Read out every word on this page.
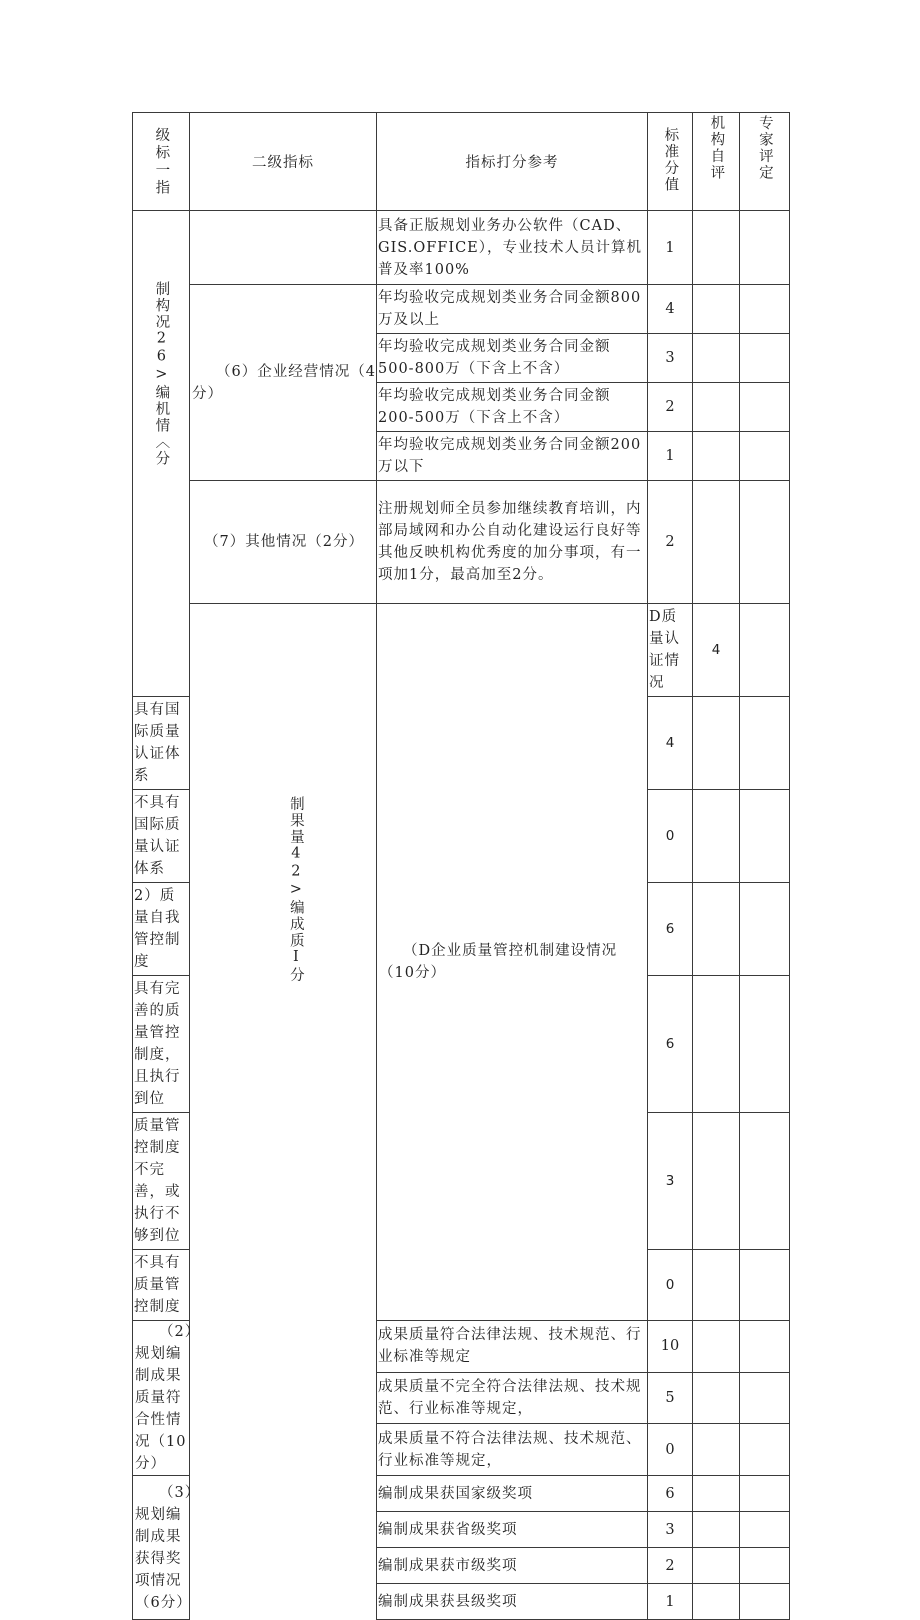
级标一指	二级指标	指标打分参考	标准分值	机构自评	专家评定	
制构况26>编机情〈分		具备正版规划业务办公软件（CAD、GIS.OFFICE），专业技术人员计算机普及率100%	1			
	（6）企业经营情况（4分）	年均验收完成规划类业务合同金额800万及以上	4			
		年均验收完成规划类业务合同金额500-800万（下含上不含）	3			
		年均验收完成规划类业务合同金额200-500万（下含上不含）	2			
		年均验收完成规划类业务合同金额200万以下	1			
	（7）其他情况（2分）	注册规划师全员参加继续教育培训，内部局域网和办公自动化建设运行良好等其他反映机构优秀度的加分事项，有一项加1分，最高加至2分。	2			
	制果量42>编成质I分	（D企业质量管控机制建设情况（10分）	D质量认证情况	4		
具有国际质量认证体系			4			
不具有国际质量认证体系			0			
2）质量自我管控制度			6			
具有完善的质量管控制度，且执行到位			6			
质量管控制度不完善，或执行不够到位			3			
不具有质量管控制度			0			
（2）规划编制成果质量符合性情况（10分）		成果质量符合法律法规、技术规范、行业标准等规定	10			
		成果质量不完全符合法律法规、技术规范、行业标准等规定，	5			
		成果质量不符合法律法规、技术规范、行业标准等规定，	0			
（3）规划编制成果获得奖项情况（6分）		编制成果获国家级奖项	6			
		编制成果获省级奖项	3			
		编制成果获市级奖项	2			
		编制成果获县级奖项	1			
